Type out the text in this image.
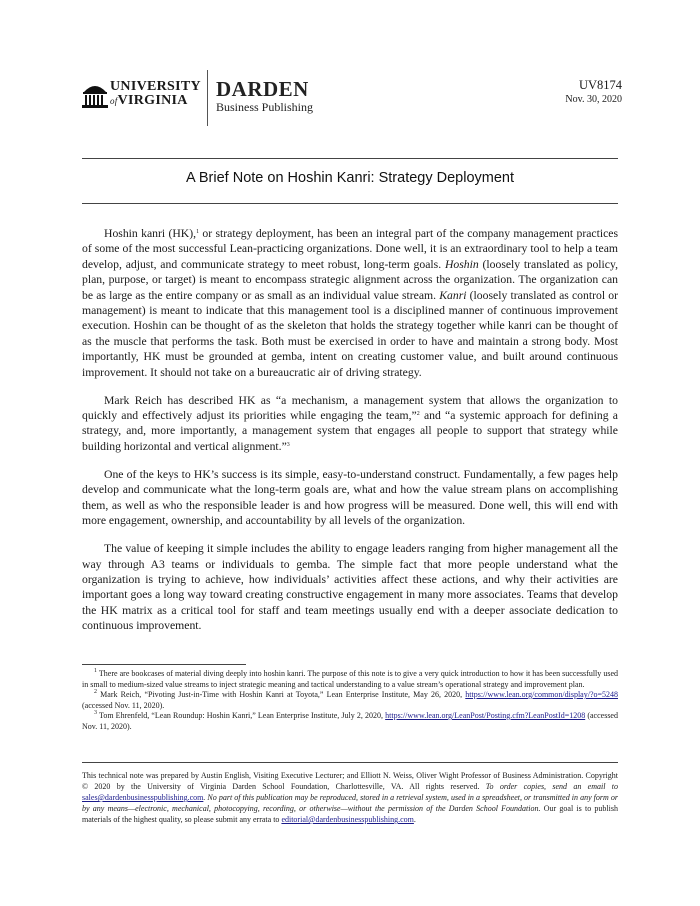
UNIVERSITY
ofVIRGINIA	DARDEN
Business Publishing
UV8174
Nov. 30, 2020
A Brief Note on Hoshin Kanri: Strategy Deployment

Hoshin kanri (HK),$^1$ or strategy deployment, has been an integral part of the company management practices of some of the most successful Lean-practicing organizations. Done well, it is an extraordinary tool to help a team develop, adjust, and communicate strategy to meet robust, long-term goals. Hoshin (loosely translated as policy, plan, purpose, or target) is meant to encompass strategic alignment across the organization. The organization can be as large as the entire company or as small as an individual value stream. Kanri (loosely translated as control or management) is meant to indicate that this management tool is a disciplined manner of continuous improvement execution. Hoshin can be thought of as the skeleton that holds the strategy together while kanri can be thought of as the muscle that performs the task. Both must be exercised in order to have and maintain a strong body. Most importantly, HK must be grounded at gemba, intent on creating customer value, and built around continuous improvement. It should not take on a bureaucratic air of driving strategy.

Mark Reich has described HK as “a mechanism, a management system that allows the organization to quickly and effectively adjust its priorities while engaging the team,”$^2$ and “a systemic approach for defining a strategy, and, more importantly, a management system that engages all people to support that strategy while building horizontal and vertical alignment.”$^3$

One of the keys to HK’s success is its simple, easy-to-understand construct. Fundamentally, a few pages help develop and communicate what the long-term goals are, what and how the value stream plans on accomplishing them, as well as who the responsible leader is and how progress will be measured. Done well, this will end with more engagement, ownership, and accountability by all levels of the organization.

The value of keeping it simple includes the ability to engage leaders ranging from higher management all the way through A3 teams or individuals to gemba. The simple fact that more people understand what the organization is trying to achieve, how individuals’ activities affect these actions, and why their activities are important goes a long way toward creating constructive engagement in many more associates. Teams that develop the HK matrix as a critical tool for staff and team meetings usually end with a deeper associate dedication to continuous improvement.

$^1$ There are bookcases of material diving deeply into hoshin kanri. The purpose of this note is to give a very quick introduction to how it has been successfully used in small to medium-sized value streams to inject strategic meaning and tactical understanding to a value stream’s operational strategy and improvement plan.

$^2$ Mark Reich, “Pivoting Just-in-Time with Hoshin Kanri at Toyota,” Lean Enterprise Institute, May 26, 2020, https://www.lean.org/common/display/?o=5248 (accessed Nov. 11, 2020).

$^3$ Tom Ehrenfeld, “Lean Roundup: Hoshin Kanri,” Lean Enterprise Institute, July 2, 2020, https://www.lean.org/LeanPost/Posting.cfm?LeanPostId=1208 (accessed Nov. 11, 2020).

This technical note was prepared by Austin English, Visiting Executive Lecturer; and Elliott N. Weiss, Oliver Wight Professor of Business Administration. Copyright © 2020 by the University of Virginia Darden School Foundation, Charlottesville, VA. All rights reserved. To order copies, send an email to sales@dardenbusinesspublishing.com. No part of this publication may be reproduced, stored in a retrieval system, used in a spreadsheet, or transmitted in any form or by any means—electronic, mechanical, photocopying, recording, or otherwise—without the permission of the Darden School Foundation. Our goal is to publish materials of the highest quality, so please submit any errata to editorial@dardenbusinesspublishing.com.
